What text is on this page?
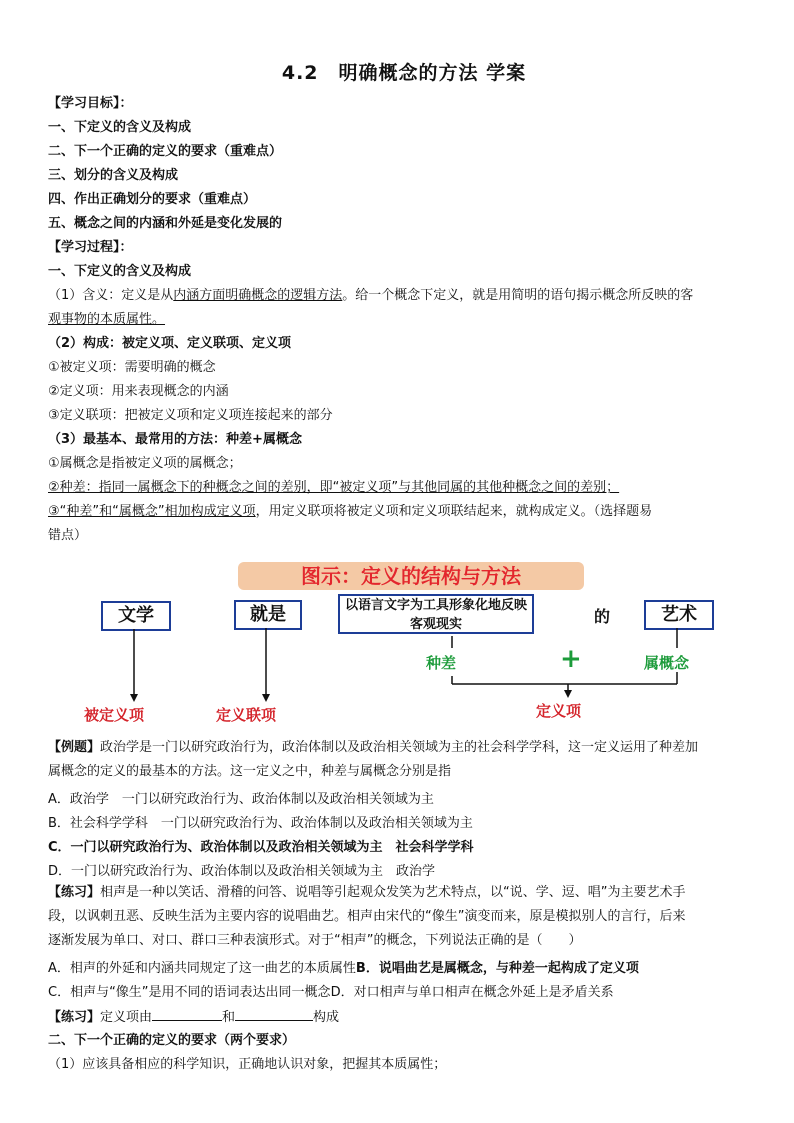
4.2　明确概念的方法 学案
【学习目标】：
一、下定义的含义及构成
二、下一个正确的定义的要求（重难点）
三、划分的含义及构成
四、作出正确划分的要求（重难点）
五、概念之间的内涵和外延是变化发展的
【学习过程】：
一、下定义的含义及构成
（1）含义：定义是从内涵方面明确概念的逻辑方法。给一个概念下定义，就是用简明的语句揭示概念所反映的客
观事物的本质属性。
（2）构成：被定义项、定义联项、定义项
①被定义项：需要明确的概念
②定义项：用来表现概念的内涵
③定义联项：把被定义项和定义项连接起来的部分
（3）最基本、最常用的方法：种差+属概念
①属概念是指被定义项的属概念；
②种差：指同一属概念下的种概念之间的差别，即“被定义项”与其他同属的其他种概念之间的差别；
③“种差”和“属概念”相加构成定义项，用定义联项将被定义项和定义项联结起来，就构成定义。（选择题易
错点）
图示：定义的结构与方法
文学	就是	以语言文字为工具形象化地反映客观现实	的	艺术
种差	+	属概念
被定义项	定义联项	定义项
【例题】政治学是一门以研究政治行为，政治体制以及政治相关领域为主的社会科学学科，这一定义运用了种差加
属概念的定义的最基本的方法。这一定义之中，种差与属概念分别是指
A．政治学　一门以研究政治行为、政治体制以及政治相关领域为主
B．社会科学学科　一门以研究政治行为、政治体制以及政治相关领域为主
C．一门以研究政治行为、政治体制以及政治相关领域为主　社会科学学科
D．一门以研究政治行为、政治体制以及政治相关领域为主　政治学
【练习】相声是一种以笑话、滑稽的问答、说唱等引起观众发笑为艺术特点，以“说、学、逗、唱”为主要艺术手
段，以讽刺丑恶、反映生活为主要内容的说唱曲艺。相声由宋代的“像生”演变而来，原是模拟别人的言行，后来
逐渐发展为单口、对口、群口三种表演形式。对于“相声”的概念，下列说法正确的是（　　）
A．相声的外延和内涵共同规定了这一曲艺的本质属性B．说唱曲艺是属概念，与种差一起构成了定义项
C．相声与“像生”是用不同的语词表达出同一概念D．对口相声与单口相声在概念外延上是矛盾关系
【练习】定义项由	和	构成
二、下一个正确的定义的要求（两个要求）
（1）应该具备相应的科学知识，正确地认识对象，把握其本质属性；
